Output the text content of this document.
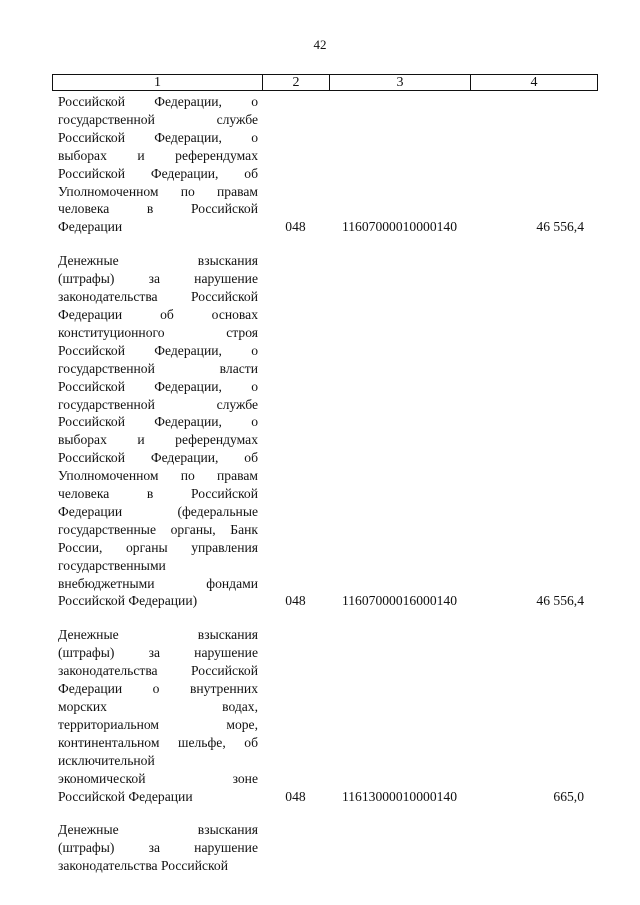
42
1	2	3	4
Российской Федерации, о
государственной службе
Российской Федерации, о
выборах и референдумах
Российской Федерации, об
Уполномоченном по правам
человека в Российской
Федерации	048	11607000010000140	46 556,4
Денежные взыскания
(штрафы) за нарушение
законодательства Российской
Федерации об основах
конституционного строя
Российской Федерации, о
государственной власти
Российской Федерации, о
государственной службе
Российской Федерации, о
выборах и референдумах
Российской Федерации, об
Уполномоченном по правам
человека в Российской
Федерации (федеральные
государственные органы, Банк
России, органы управления
государственными
внебюджетными фондами
Российской Федерации)	048	11607000016000140	46 556,4
Денежные взыскания
(штрафы) за нарушение
законодательства Российской
Федерации о внутренних
морских водах,
территориальном море,
континентальном шельфе, об
исключительной
экономической зоне
Российской Федерации	048	11613000010000140	665,0
Денежные взыскания
(штрафы) за нарушение
законодательства Российской
